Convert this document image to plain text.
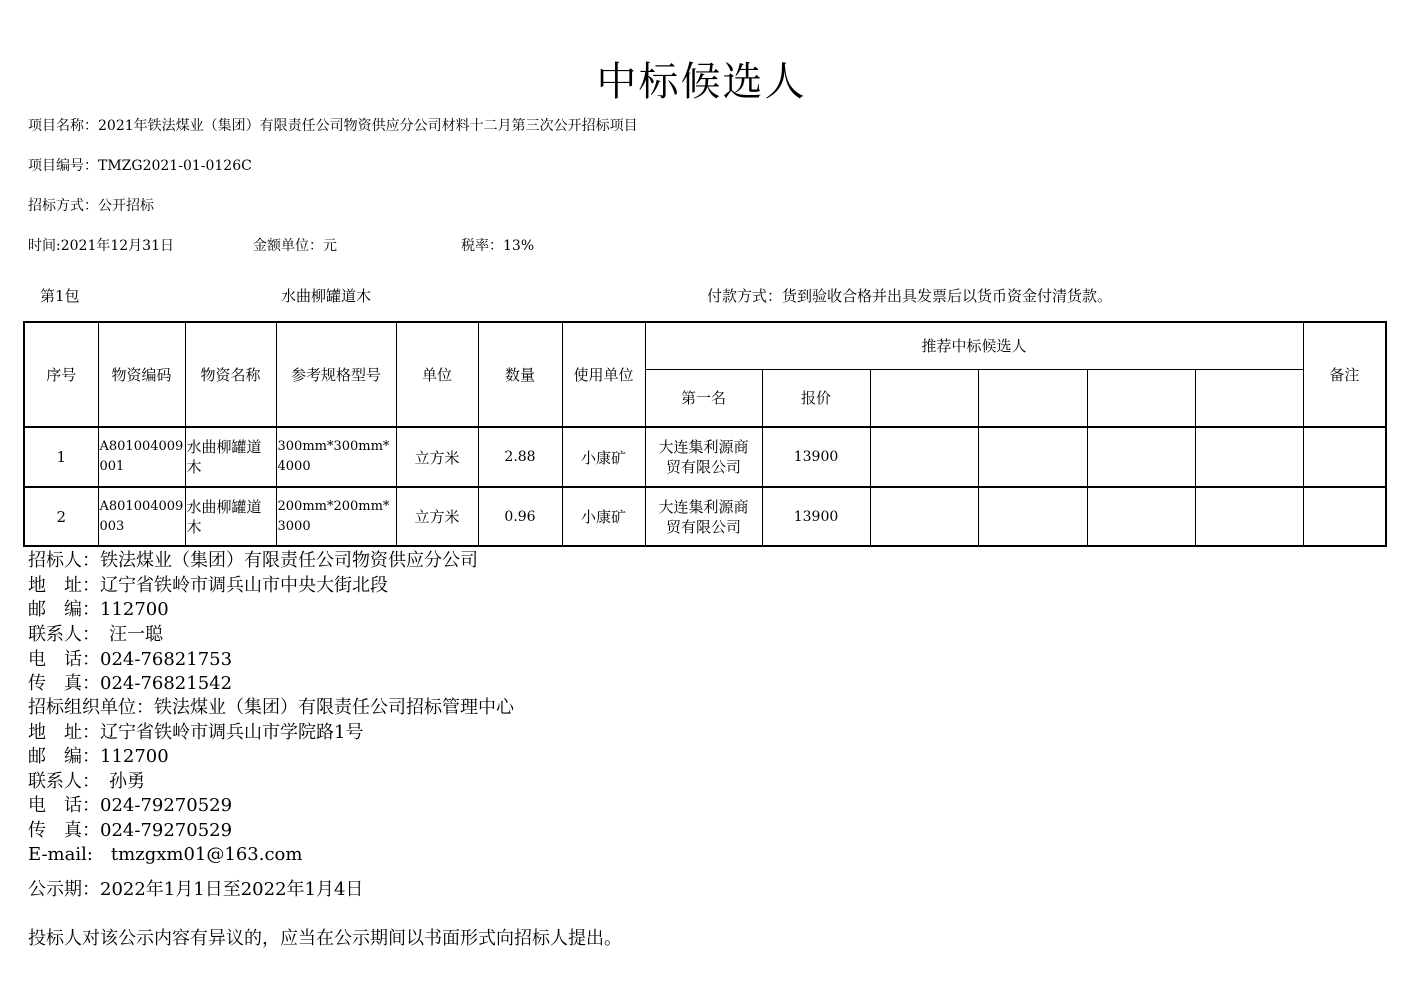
中标候选人
项目名称：2021年铁法煤业（集团）有限责任公司物资供应分公司材料十二月第三次公开招标项目
项目编号：TMZG2021-01-0126C
招标方式：公开招标
时间:2021年12月31日	金额单位：元	税率：13%
第1包	水曲柳罐道木	付款方式：货到验收合格并出具发票后以货币资金付清货款。
序号	物资编码	物资名称	参考规格型号	单位	数量	使用单位	推荐中标候选人						备注
							第一名	报价					
1	A801004009001	水曲柳罐道木	300mm*300mm*4000	立方米	2.88	小康矿	大连集利源商贸有限公司	13900					
2	A801004009003	水曲柳罐道木	200mm*200mm*3000	立方米	0.96	小康矿	大连集利源商贸有限公司	13900					
招标人：铁法煤业（集团）有限责任公司物资供应分公司
地　址：辽宁省铁岭市调兵山市中央大街北段
邮　编：112700
联系人：　汪一聪
电　话：024-76821753
传　真：024-76821542
招标组织单位：铁法煤业（集团）有限责任公司招标管理中心
地　址：辽宁省铁岭市调兵山市学院路1号
邮　编：112700
联系人：　孙勇
电　话：024-79270529
传　真：024-79270529
E-mail:　tmzgxm01@163.com
公示期：2022年1月1日至2022年1月4日
投标人对该公示内容有异议的，应当在公示期间以书面形式向招标人提出。
